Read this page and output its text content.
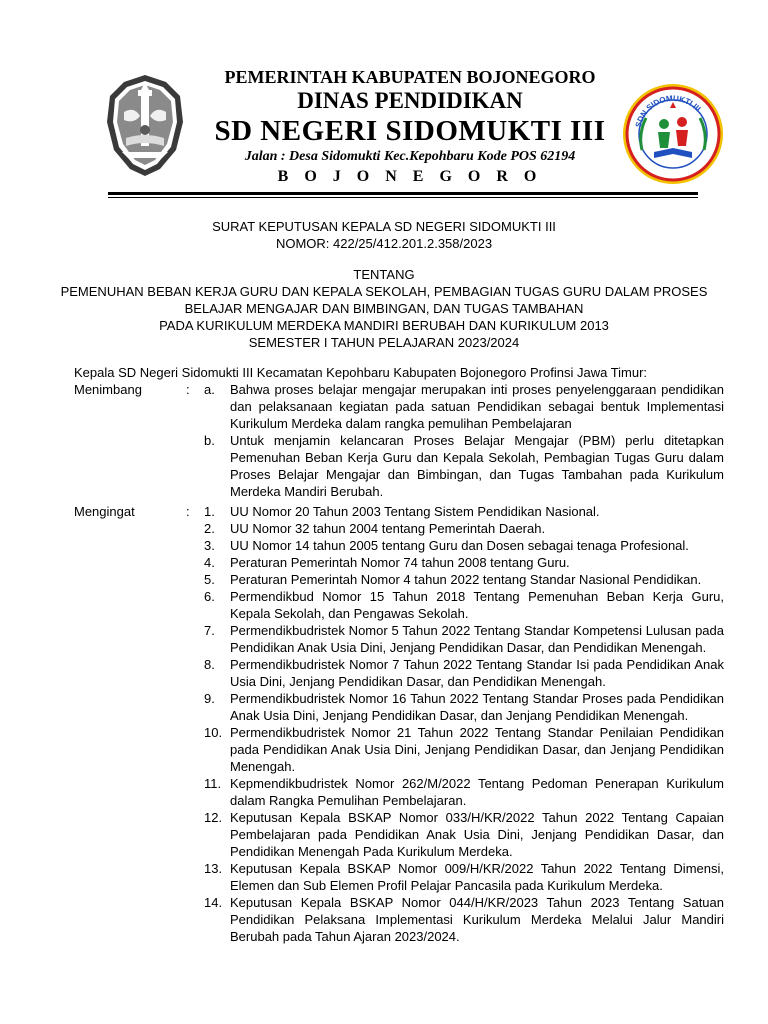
PEMERINTAH KABUPATEN BOJONEGORO
DINAS PENDIDIKAN
SD NEGERI SIDOMUKTI III
Jalan : Desa Sidomukti Kec.Kepohbaru Kode POS 62194
B O J O N E G O R O
SDN SIDOMUKTI III
SURAT KEPUTUSAN KEPALA SD NEGERI SIDOMUKTI III
NOMOR: 422/25/412.201.2.358/2023
TENTANG
PEMENUHAN BEBAN KERJA GURU DAN KEPALA SEKOLAH, PEMBAGIAN TUGAS GURU DALAM PROSES
BELAJAR MENGAJAR DAN BIMBINGAN, DAN TUGAS TAMBAHAN
PADA KURIKULUM MERDEKA MANDIRI BERUBAH DAN KURIKULUM 2013
SEMESTER I TAHUN PELAJARAN 2023/2024
Kepala SD Negeri Sidomukti III Kecamatan Kepohbaru Kabupaten Bojonegoro Profinsi Jawa Timur:
Menimbang	:	a.	Bahwa proses belajar mengajar merupakan inti proses penyelenggaraan pendidikan dan pelaksanaan kegiatan pada satuan Pendidikan sebagai bentuk Implementasi Kurikulum Merdeka dalam rangka pemulihan Pembelajaran
b.	Untuk menjamin kelancaran Proses Belajar Mengajar (PBM) perlu ditetapkan Pemenuhan Beban Kerja Guru dan Kepala Sekolah, Pembagian Tugas Guru dalam Proses Belajar Mengajar dan Bimbingan, dan Tugas Tambahan pada Kurikulum Merdeka Mandiri Berubah.
Mengingat	:	1.	UU Nomor 20 Tahun 2003 Tentang Sistem Pendidikan Nasional.
2.	UU Nomor 32 tahun 2004 tentang Pemerintah Daerah.
3.	UU Nomor 14 tahun 2005 tentang Guru dan Dosen sebagai tenaga Profesional.
4.	Peraturan Pemerintah Nomor 74 tahun 2008 tentang Guru.
5.	Peraturan Pemerintah Nomor 4 tahun 2022 tentang Standar Nasional Pendidikan.
6.	Permendikbud Nomor 15 Tahun 2018 Tentang Pemenuhan Beban Kerja Guru, Kepala Sekolah, dan Pengawas Sekolah.
7.	Permendikbudristek Nomor 5 Tahun 2022 Tentang Standar Kompetensi Lulusan pada Pendidikan Anak Usia Dini, Jenjang Pendidikan Dasar, dan Pendidikan Menengah.
8.	Permendikbudristek Nomor 7 Tahun 2022 Tentang Standar Isi pada Pendidikan Anak Usia Dini, Jenjang Pendidikan Dasar, dan Pendidikan Menengah.
9.	Permendikbudristek Nomor 16 Tahun 2022 Tentang Standar Proses pada Pendidikan Anak Usia Dini, Jenjang Pendidikan Dasar, dan Jenjang Pendidikan Menengah.
10. Permendikbudristek Nomor 21 Tahun 2022 Tentang Standar Penilaian Pendidikan pada Pendidikan Anak Usia Dini, Jenjang Pendidikan Dasar, dan Jenjang Pendidikan Menengah.
11. Kepmendikbudristek Nomor 262/M/2022 Tentang Pedoman Penerapan Kurikulum dalam Rangka Pemulihan Pembelajaran.
12. Keputusan Kepala BSKAP Nomor 033/H/KR/2022 Tahun 2022 Tentang Capaian Pembelajaran pada Pendidikan Anak Usia Dini, Jenjang Pendidikan Dasar, dan Pendidikan Menengah Pada Kurikulum Merdeka.
13. Keputusan Kepala BSKAP Nomor 009/H/KR/2022 Tahun 2022 Tentang Dimensi, Elemen dan Sub Elemen Profil Pelajar Pancasila pada Kurikulum Merdeka.
14. Keputusan Kepala BSKAP Nomor 044/H/KR/2023 Tahun 2023 Tentang Satuan Pendidikan Pelaksana Implementasi Kurikulum Merdeka Melalui Jalur Mandiri Berubah pada Tahun Ajaran 2023/2024.
